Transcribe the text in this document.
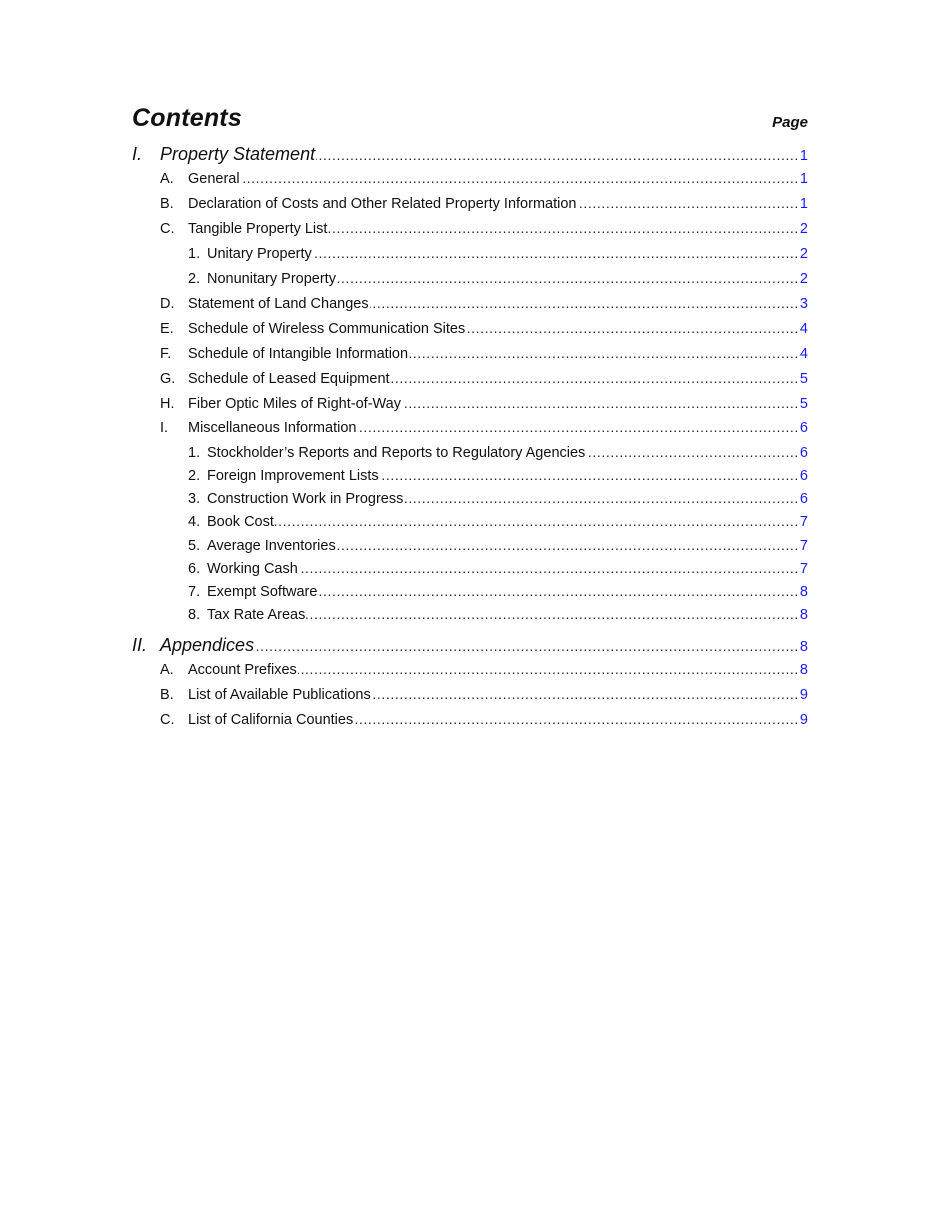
Contents	Page
I. Property Statement .....	1
A. General .....	1
B. Declaration of Costs and Other Related Property Information .....	1
C. Tangible Property List .....	2
1. Unitary Property .....	2
2. Nonunitary Property .....	2
D. Statement of Land Changes .....	3
E. Schedule of Wireless Communication Sites .....	4
F.	Schedule of Intangible Information .....	4
G. Schedule of Leased Equipment .....	5
H. Fiber Optic Miles of Right-of-Way .....	5
I.	Miscellaneous Information .....	6
1. Stockholder’s Reports and Reports to Regulatory Agencies .....	6
2. Foreign Improvement Lists .....	6
3. Construction Work in Progress .....	6
4. Book Cost .....	7
5. Average Inventories .....	7
6. Working Cash .....	7
7. Exempt Software .....	8
8. Tax Rate Areas .....	8
II. Appendices .....	8
A. Account Prefixes .....	8
B. List of Available Publications .....	9
C. List of California Counties .....	9
